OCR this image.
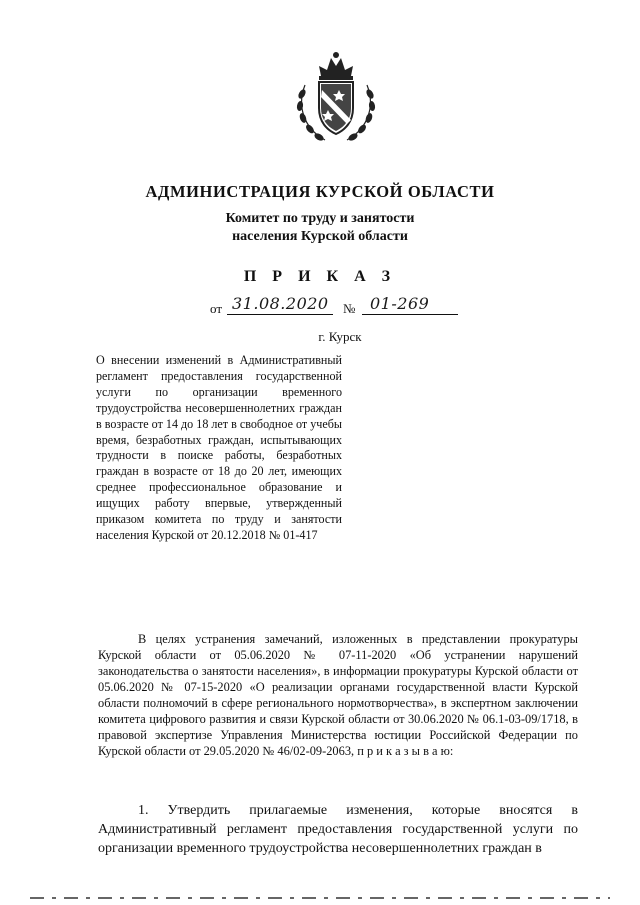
АДМИНИСТРАЦИЯ КУРСКОЙ ОБЛАСТИ
Комитет по труду и занятости
населения Курской области
П Р И К А З
от 31.08.2020 № 01-269
г. Курск
О внесении изменений в Административный регламент предоставления государственной услуги по организации временного трудоустройства несовершеннолетних граждан в возрасте от 14 до 18 лет в свободное от учебы время, безработных граждан, испытывающих трудности в поиске работы, безработных граждан в возрасте от 18 до 20 лет, имеющих среднее профессиональное образование и ищущих работу впервые, утвержденный приказом комитета по труду и занятости населения Курской от 20.12.2018 № 01-417
В целях устранения замечаний, изложенных в представлении прокуратуры Курской области от 05.06.2020 № 07-11-2020 «Об устранении нарушений законодательства о занятости населения», в информации прокуратуры Курской области от 05.06.2020 № 07-15-2020 «О реализации органами государственной власти Курской области полномочий в сфере регионального нормотворчества», в экспертном заключении комитета цифрового развития и связи Курской области от 30.06.2020 № 06.1-03-09/1718, в правовой экспертизе Управления Министерства юстиции Российской Федерации по Курской области от 29.05.2020 № 46/02-09-2063, п р и к а з ы в а ю:
1. Утвердить прилагаемые изменения, которые вносятся в Административный регламент предоставления государственной услуги по организации временного трудоустройства несовершеннолетних граждан в
